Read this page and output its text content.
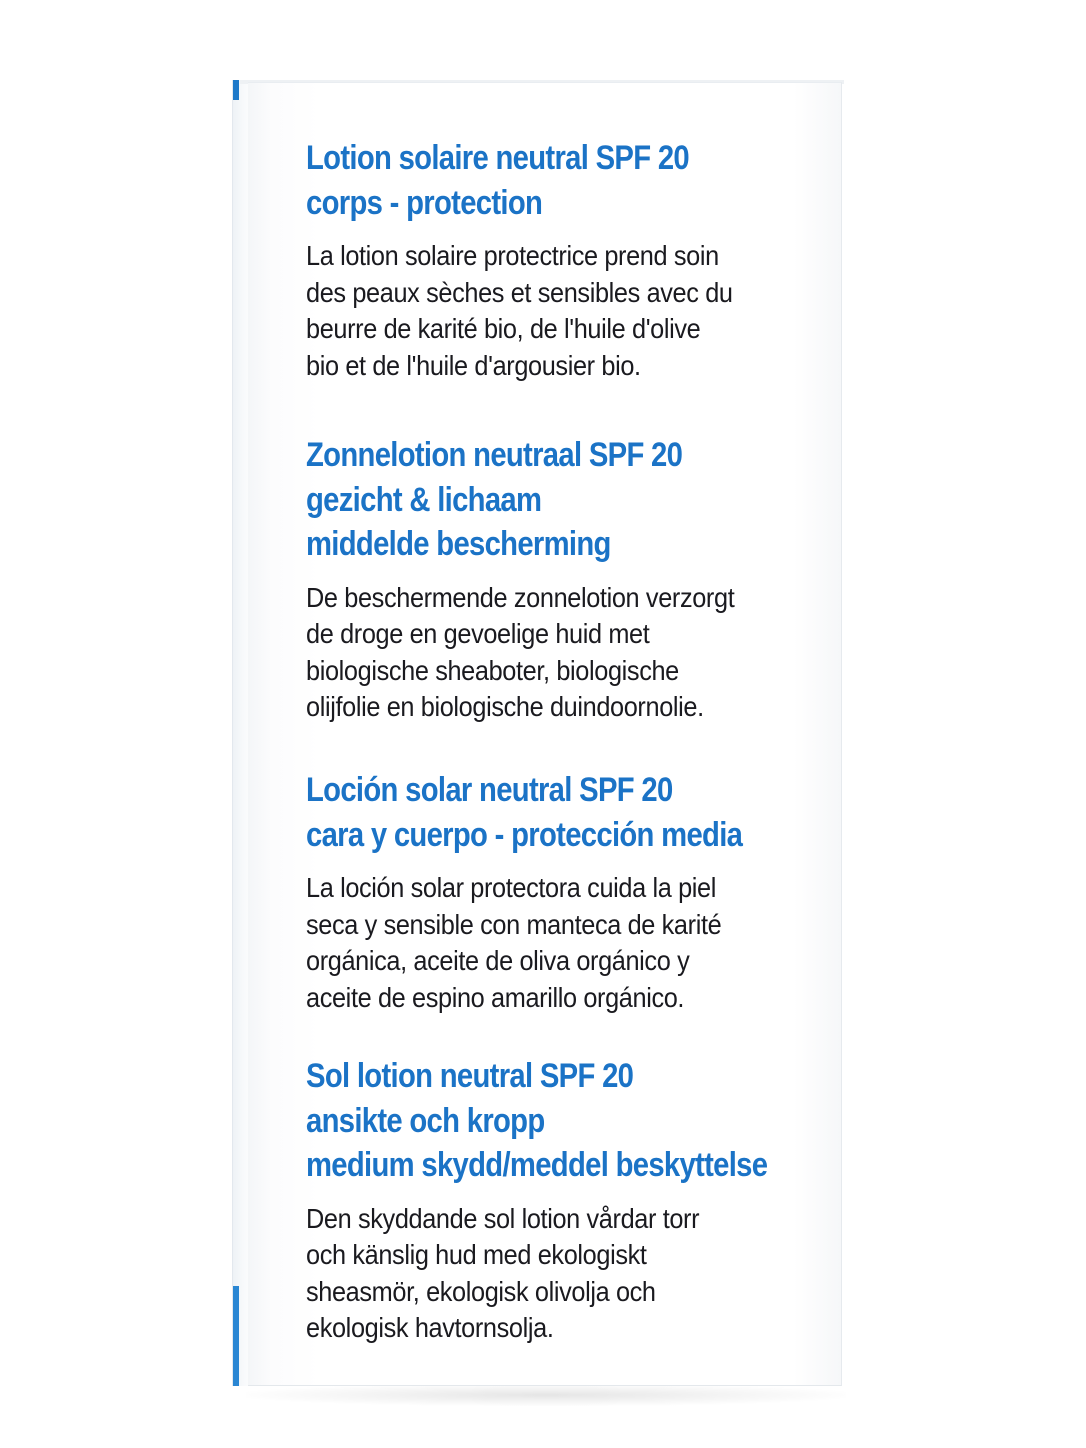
Lotion solaire neutral SPF 20
corps - protection
La lotion solaire protectrice prend soin
des peaux sèches et sensibles avec du
beurre de karité bio, de l'huile d'olive
bio et de l'huile d'argousier bio.
Zonnelotion neutraal SPF 20
gezicht & lichaam
middelde bescherming
De beschermende zonnelotion verzorgt
de droge en gevoelige huid met
biologische sheaboter, biologische
olijfolie en biologische duindoornolie.
Loción solar neutral SPF 20
cara y cuerpo - protección media
La loción solar protectora cuida la piel
seca y sensible con manteca de karité
orgánica, aceite de oliva orgánico y
aceite de espino amarillo orgánico.
Sol lotion neutral SPF 20
ansikte och kropp
medium skydd/meddel beskyttelse
Den skyddande sol lotion vårdar torr
och känslig hud med ekologiskt
sheasmör, ekologisk olivolja och
ekologisk havtornsolja.
